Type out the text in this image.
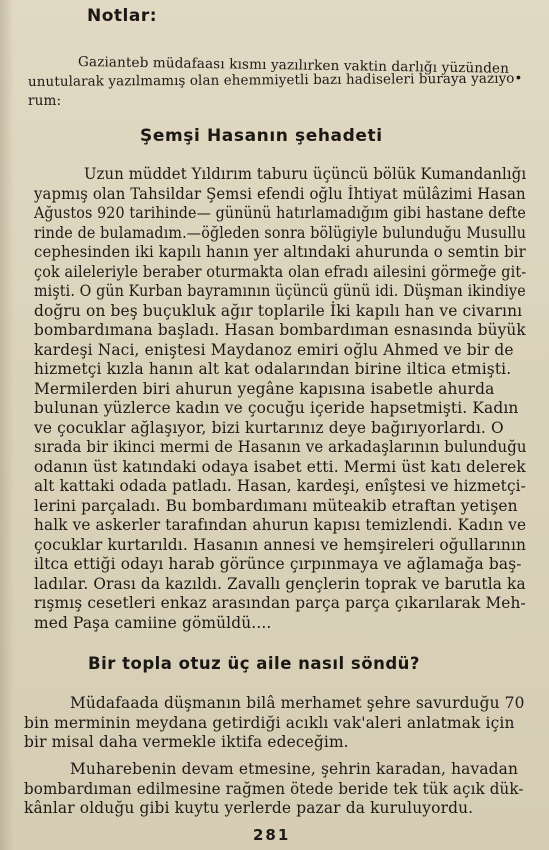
Notlar:
Gazianteb müdafaası kısmı yazılırken vaktin darlığı yüzünden
unutularak yazılmamış olan ehemmiyetli bazı hadiseleri buraya yazıyo•
rum:
Şemşi Hasanın şehadeti
Uzun müddet Yıldırım taburu üçüncü bölük Kumandanlığı
yapmış olan Tahsildar Şemsi efendi oğlu İhtiyat mülâzimi Hasan
Ağustos 920 tarihinde— gününü hatırlamadığım gibi hastane defte
rinde de bulamadım.—öğleden sonra bölügiyle bulunduğu Musullu
cephesinden iki kapılı hanın yer altındaki ahurunda o semtin bir
çok aileleriyle beraber oturmakta olan efradı ailesini görmeğe git-
mişti. O gün Kurban bayramının üçüncü günü idi. Düşman ikindiye
doğru on beş buçukluk ağır toplarile İki kapılı han ve civarını
bombardımana başladı. Hasan bombardıman esnasında büyük
kardeşi Naci, eniştesi Maydanoz emiri oğlu Ahmed ve bir de
hizmetçi kızla hanın alt kat odalarından birine iltica etmişti.
Mermilerden biri ahurun yegâne kapısına isabetle ahurda
bulunan yüzlerce kadın ve çocuğu içeride hapsetmişti. Kadın
ve çocuklar ağlaşıyor, bizi kurtarınız deye bağırıyorlardı. O
sırada bir ikinci mermi de Hasanın ve arkadaşlarının bulunduğu
odanın üst katındaki odaya isabet etti. Mermi üst katı delerek
alt kattaki odada patladı. Hasan, kardeşi, enîştesi ve hizmetçi-
lerini parçaladı. Bu bombardımanı müteakib etraftan yetişen
halk ve askerler tarafından ahurun kapısı temizlendi. Kadın ve
çocuklar kurtarıldı. Hasanın annesi ve hemşireleri oğullarının
iltca ettiği odayı harab görünce çırpınmaya ve ağlamağa baş-
ladılar. Orası da kazıldı. Zavallı gençlerin toprak ve barutla ka
rışmış cesetleri enkaz arasından parça parça çıkarılarak Meh-
med Paşa camiine gömüldü....
Bir topla otuz üç aile nasıl söndü?
Müdafaada düşmanın bilâ merhamet şehre savurduğu 70
bin merminin meydana getirdiği acıklı vak'aleri anlatmak için
bir misal daha vermekle iktifa edeceğim.
Muharebenin devam etmesine, şehrin karadan, havadan
bombardıman edilmesine rağmen ötede beride tek tük açık dük-
kânlar olduğu gibi kuytu yerlerde pazar da kuruluyordu.
281
